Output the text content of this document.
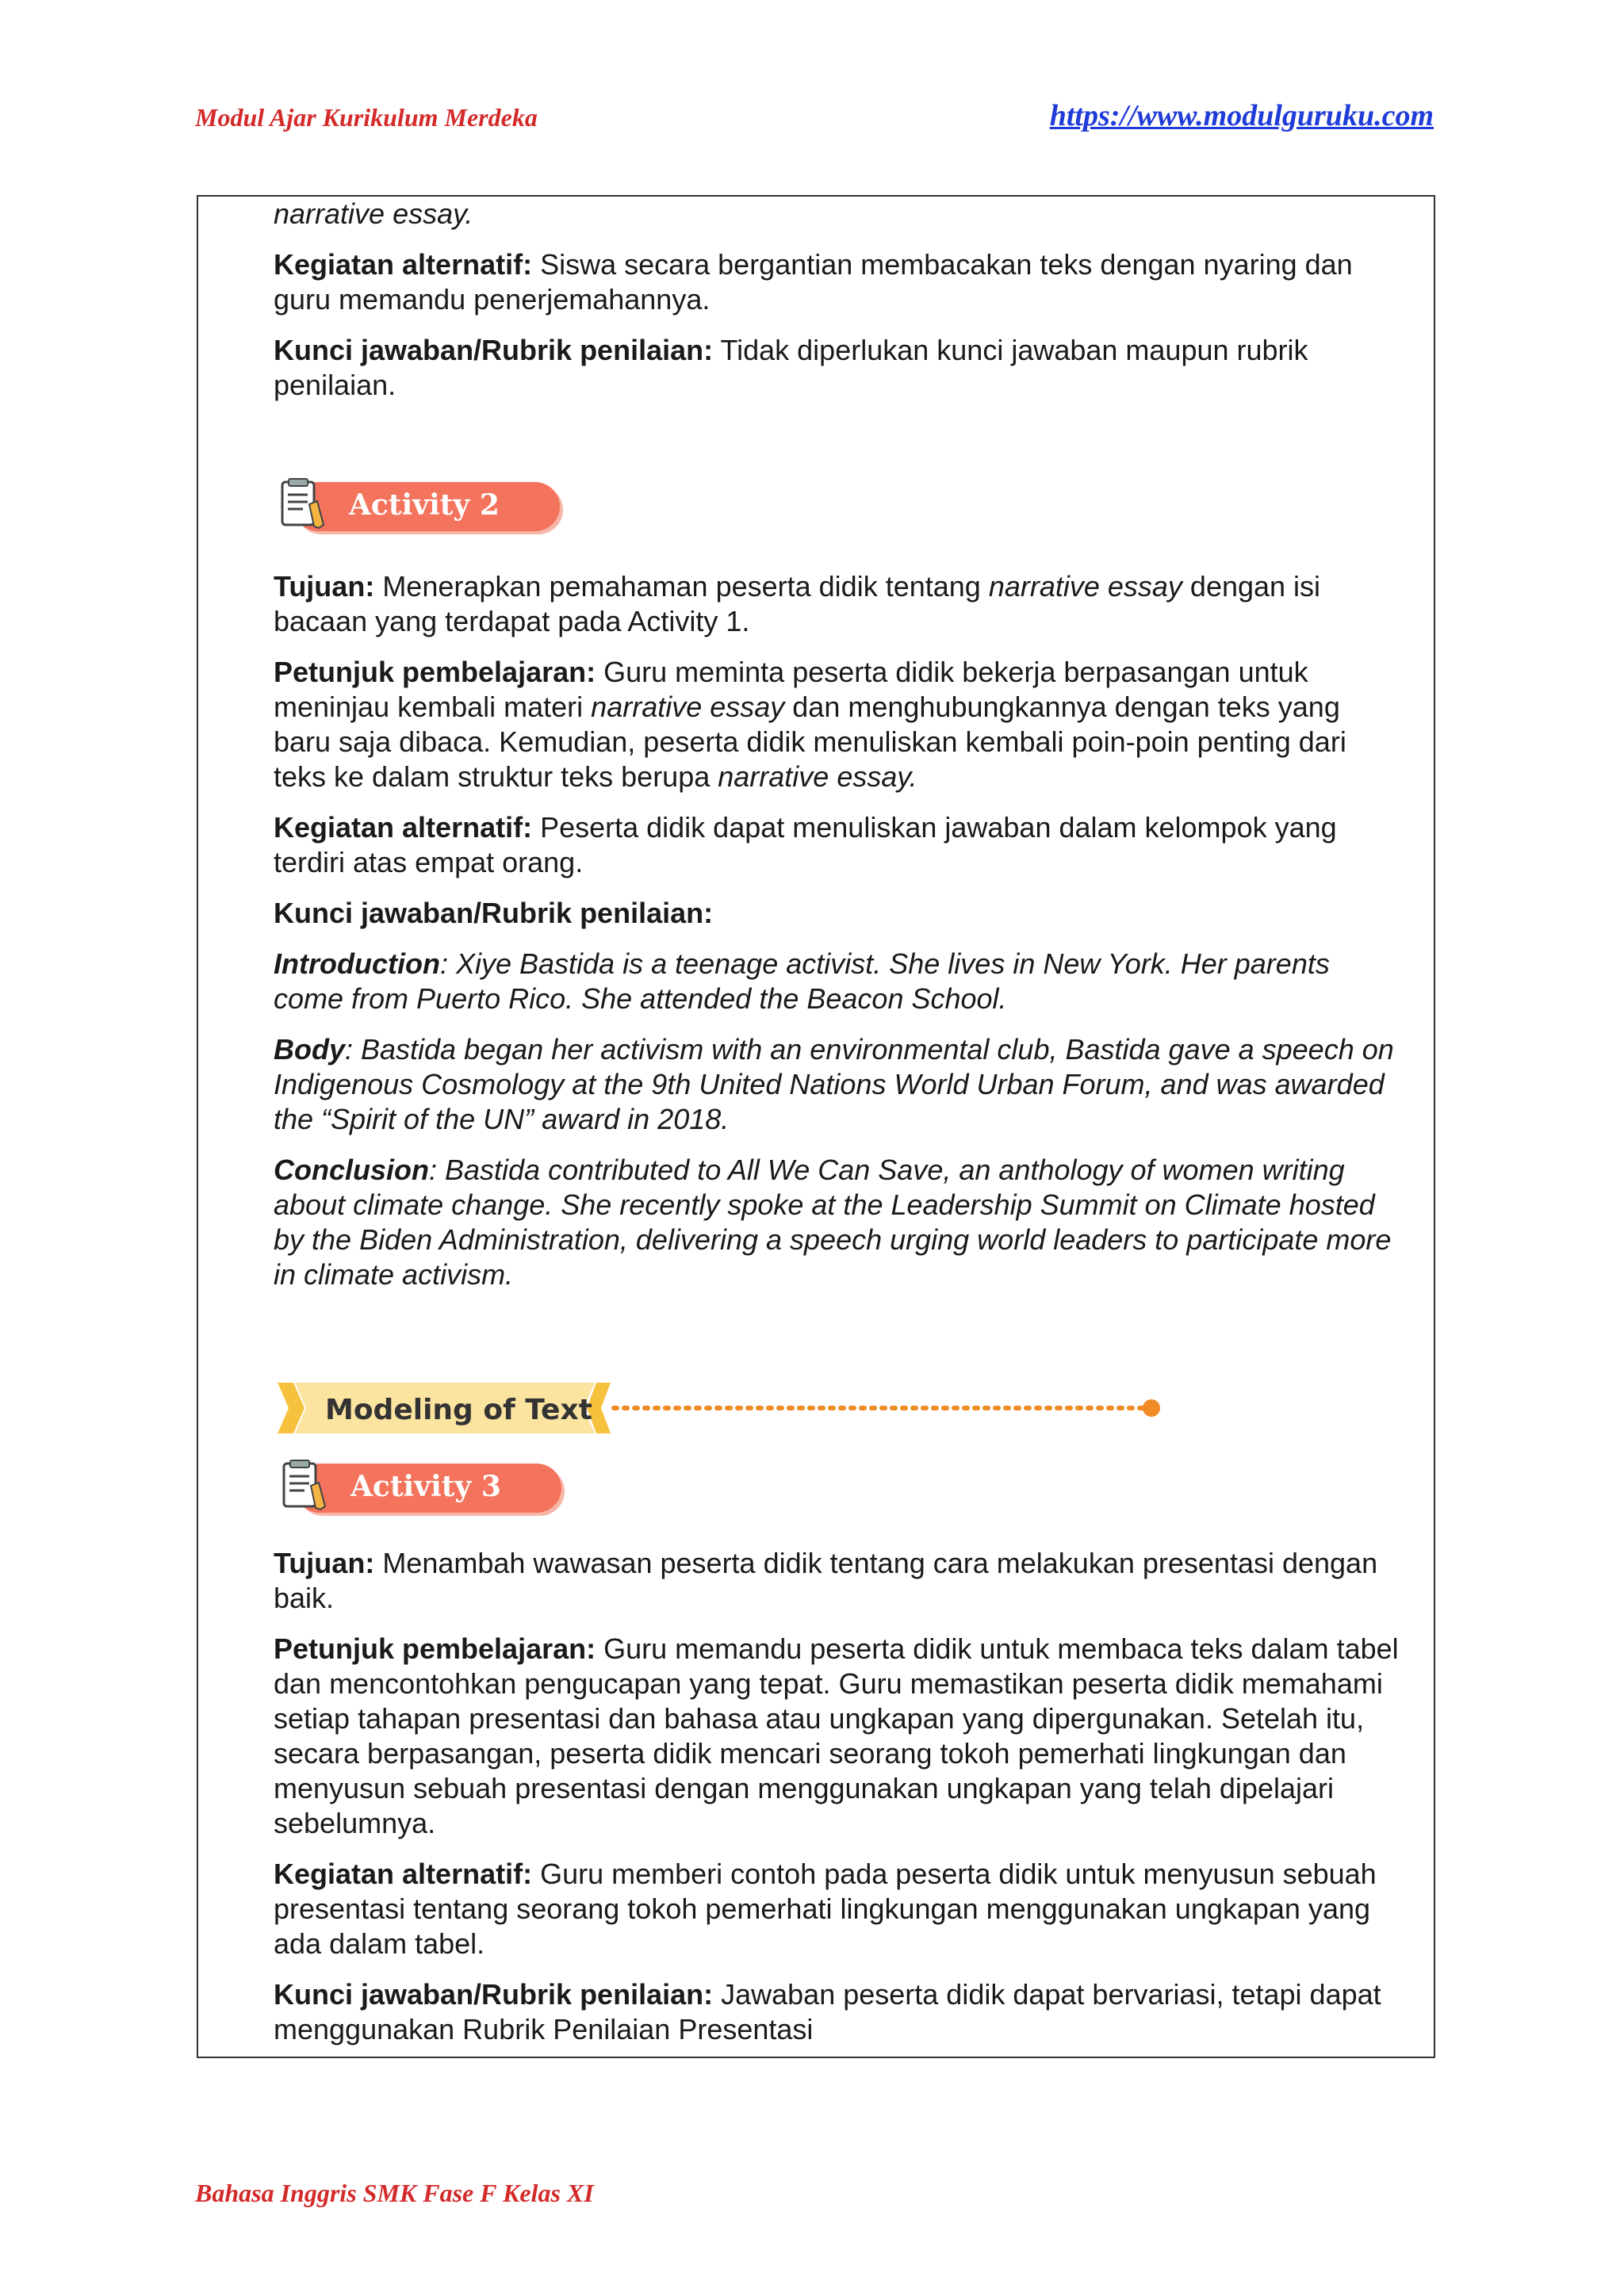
Modul Ajar Kurikulum Merdeka	https://www.modulguruku.com

narrative essay.

Kegiatan alternatif: Siswa secara bergantian membacakan teks dengan nyaring dan guru memandu penerjemahannya.

Kunci jawaban/Rubrik penilaian: Tidak diperlukan kunci jawaban maupun rubrik penilaian.

Activity 2

Tujuan: Menerapkan pemahaman peserta didik tentang narrative essay dengan isi bacaan yang terdapat pada Activity 1.

Petunjuk pembelajaran: Guru meminta peserta didik bekerja berpasangan untuk meninjau kembali materi narrative essay dan menghubungkannya dengan teks yang baru saja dibaca. Kemudian, peserta didik menuliskan kembali poin-poin penting dari teks ke dalam struktur teks berupa narrative essay.

Kegiatan alternatif: Peserta didik dapat menuliskan jawaban dalam kelompok yang terdiri atas empat orang.

Kunci jawaban/Rubrik penilaian:

Introduction: Xiye Bastida is a teenage activist. She lives in New York. Her parents come from Puerto Rico. She attended the Beacon School.

Body: Bastida began her activism with an environmental club, Bastida gave a speech on Indigenous Cosmology at the 9th United Nations World Urban Forum, and was awarded the “Spirit of the UN” award in 2018.

Conclusion: Bastida contributed to All We Can Save, an anthology of women writing about climate change. She recently spoke at the Leadership Summit on Climate hosted by the Biden Administration, delivering a speech urging world leaders to participate more in climate activism.

Modeling of Text
Activity 3

Tujuan: Menambah wawasan peserta didik tentang cara melakukan presentasi dengan baik.

Petunjuk pembelajaran: Guru memandu peserta didik untuk membaca teks dalam tabel dan mencontohkan pengucapan yang tepat. Guru memastikan peserta didik memahami setiap tahapan presentasi dan bahasa atau ungkapan yang dipergunakan. Setelah itu, secara berpasangan, peserta didik mencari seorang tokoh pemerhati lingkungan dan menyusun sebuah presentasi dengan menggunakan ungkapan yang telah dipelajari sebelumnya.

Kegiatan alternatif: Guru memberi contoh pada peserta didik untuk menyusun sebuah presentasi tentang seorang tokoh pemerhati lingkungan menggunakan ungkapan yang ada dalam tabel.

Kunci jawaban/Rubrik penilaian: Jawaban peserta didik dapat bervariasi, tetapi dapat menggunakan Rubrik Penilaian Presentasi

Bahasa Inggris SMK Fase F Kelas XI
